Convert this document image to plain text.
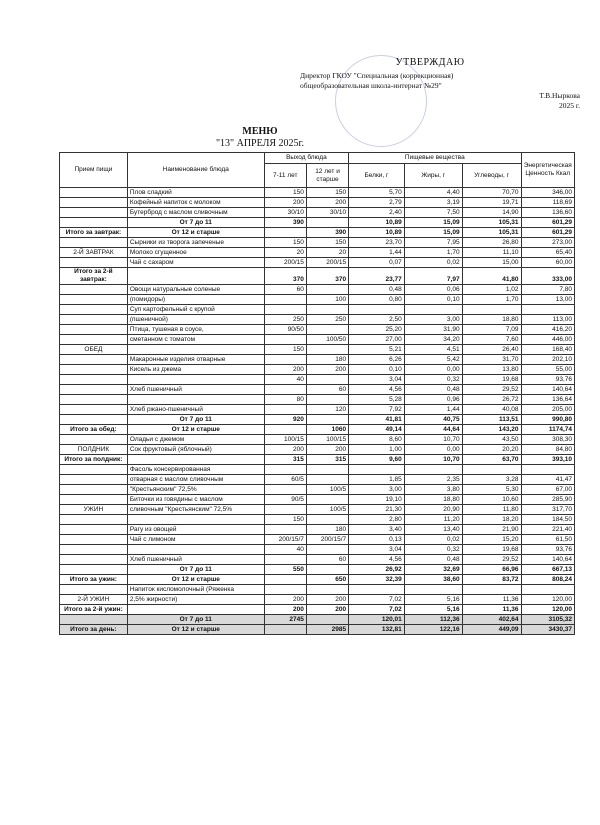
УТВЕРЖДАЮ
Директор ГКОУ "Специальная (коррекционная)
общеобразовательная школа-интернат №29"
Т.В.Ныркова
2025 г.
МЕНЮ
"13" АПРЕЛЯ 2025г.
Прием пищи	Наименование блюда	Выход блюда		Пищевые вещества			Энергетическая Ценность Ккал
		7-11 лет	12 лет и старше	Белки, г	Жиры, г	Углеводы, г	

	Плов сладкий	150	150	5,70	4,40	70,70	346,00
	Кофейный напиток с молоком	200	200	2,79	3,19	19,71	118,69
	Бутерброд с маслом сливочным	30/10	30/10	2,40	7,50	14,90	136,60
	От 7 до 11	390		10,89	15,09	105,31	601,29
Итого за завтрак:	От 12 и старше		390	10,89	15,09	105,31	601,29
	Сырники из творога запеченые	150	150	23,70	7,95	26,80	273,00
2-Й ЗАВТРАК	Молоко сгущенное	20	20	1,44	1,70	11,10	65,40
	Чай с сахаром	200/15	200/15	0,07	0,02	15,00	60,00
Итого за 2-й завтрак:		370	370	23,77	7,97	41,80	333,00
	Овощи натуральные соленые	60		0,48	0,06	1,02	7,80
	(помидоры)		100	0,80	0,10	1,70	13,00
	Суп картофельный с крупой						
	(пшеничной)	250	250	2,50	3,00	18,80	113,00
	Птица, тушеная в соусе,	90/50		25,20	31,90	7,09	416,20
	сметанном с томатом		100/50	27,00	34,20	7,60	446,00
ОБЕД		150		5,21	4,51	26,40	168,40
	Макаронные изделия отварные		180	6,26	5,42	31,70	202,10
	Кисель из джема	200	200	0,10	0,00	13,80	55,00
		40		3,04	0,32	19,68	93,76
	Хлеб пшеничный		60	4,56	0,48	29,52	140,64
		80		5,28	0,96	26,72	136,64
	Хлеб ржано-пшеничный		120	7,92	1,44	40,08	205,00
	От 7 до 11	920		41,81	40,75	113,51	990,80
Итого за обед:	От 12 и старше		1060	49,14	44,64	143,20	1174,74
	Оладьи с джемом	100/15	100/15	8,60	10,70	43,50	308,30
ПОЛДНИК	Сок фруктовый (яблочный)	200	200	1,00	0,00	20,20	84,80
Итого за полдник:		315	315	9,60	10,70	63,70	393,10
	Фасоль консервированная						
	отварная с маслом сливочным	60/5		1,85	2,35	3,28	41,47
	"Крестьянским" 72,5%		100/5	3,00	3,80	5,30	67,00
	Биточки из говядины с маслом	90/5		19,10	18,80	10,60	285,90
УЖИН	сливочным "Крестьянским" 72,5%		100/5	21,30	20,90	11,80	317,70
		150		2,80	11,20	18,20	184,50
	Рагу из овощей		180	3,40	13,40	21,90	221,40
	Чай с лимоном	200/15/7	200/15/7	0,13	0,02	15,20	61,50
		40		3,04	0,32	19,68	93,76
	Хлеб пшеничный		60	4,56	0,48	29,52	140,64
	От 7 до 11	550		26,92	32,69	66,96	667,13
Итого за ужин:	От 12 и старше		650	32,39	38,60	83,72	808,24
	Напиток кисломолочный (Ряженка						
2-Й УЖИН	2,5% жирности)	200	200	7,02	5,16	11,36	120,00
Итого за 2-й ужин:		200	200	7,02	5,16	11,36	120,00
	От 7 до 11	2745		120,01	112,36	402,64	3105,32
Итого за день:	От 12 и старше		2985	132,81	122,16	449,09	3430,37
